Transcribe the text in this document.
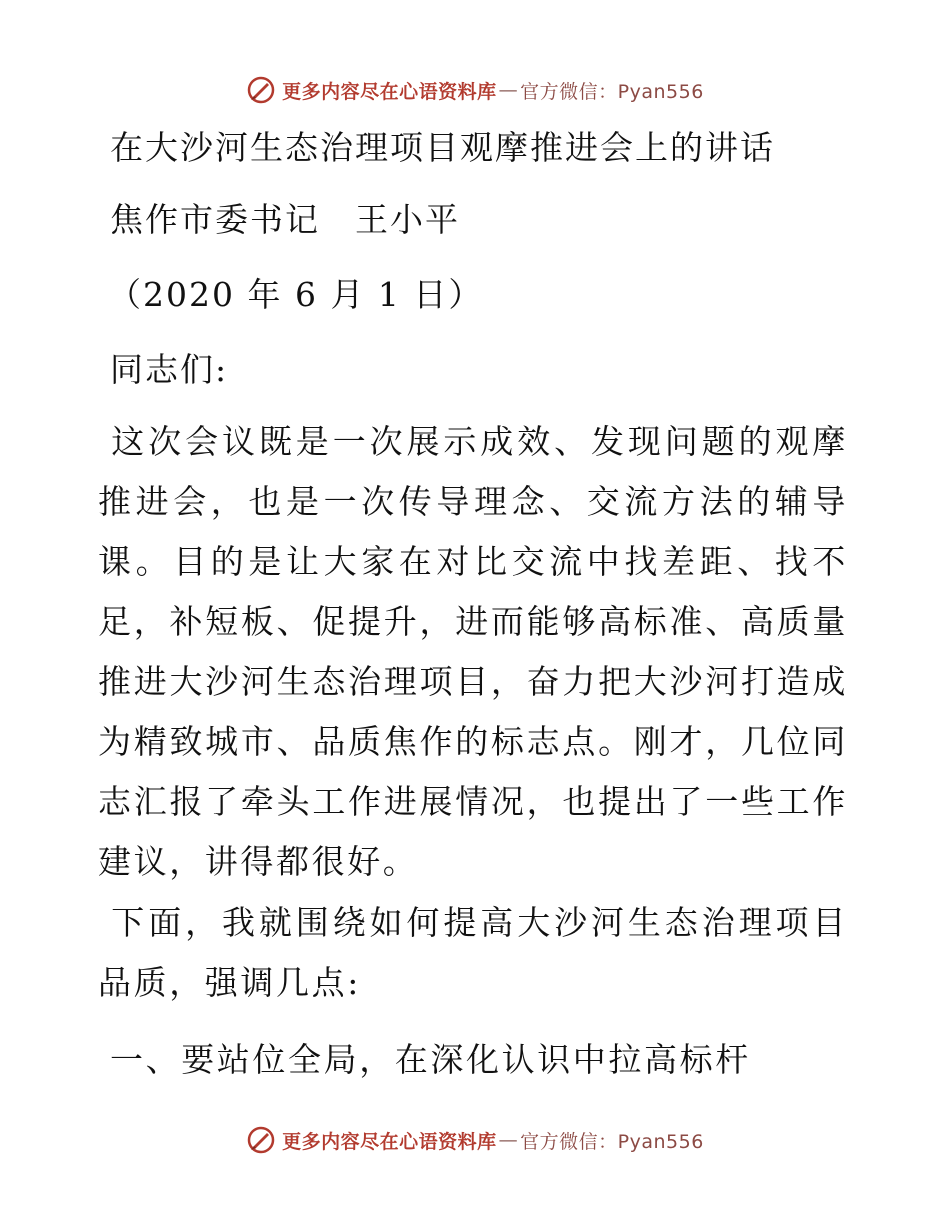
更多内容尽在心语资料库 — 官方微信：Pyan556
在大沙河生态治理项目观摩推进会上的讲话
焦作市委书记　王小平
（2020 年 6 月 1 日）
同志们:

这次会议既是一次展示成效、发现问题的观摩推进会，也是一次传导理念、交流方法的辅导课。目的是让大家在对比交流中找差距、找不足，补短板、促提升，进而能够高标准、高质量推进大沙河生态治理项目，奋力把大沙河打造成为精致城市、品质焦作的标志点。刚才，几位同志汇报了牵头工作进展情况，也提出了一些工作建议，讲得都很好。

下面，我就围绕如何提高大沙河生态治理项目品质，强调几点:

一、要站位全局，在深化认识中拉高标杆
更多内容尽在心语资料库 — 官方微信：Pyan556
